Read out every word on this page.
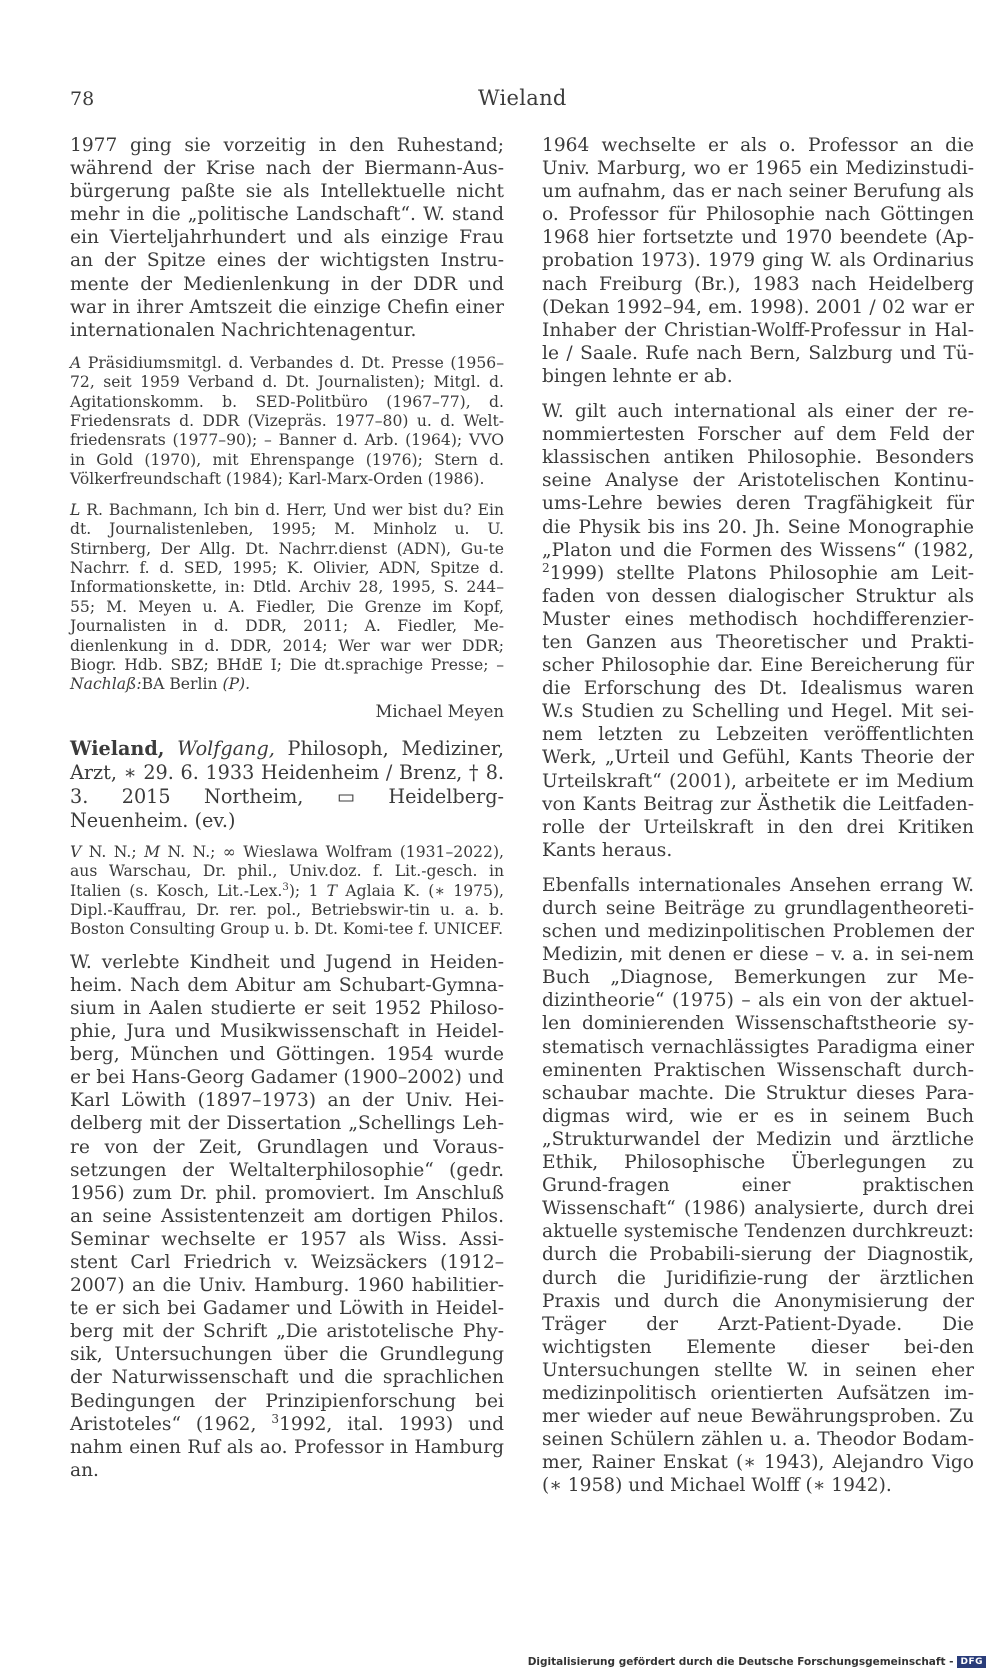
78	Wieland

1977 ging sie vorzeitig in den Ruhestand; während der Krise nach der Biermann-Aus-bürgerung paßte sie als Intellektuelle nicht mehr in die „politische Landschaft“. W. stand ein Vierteljahrhundert und als einzige Frau an der Spitze eines der wichtigsten Instru-mente der Medienlenkung in der DDR und war in ihrer Amtszeit die einzige Chefin einer internationalen Nachrichtenagentur.

A Präsidiumsmitgl. d. Verbandes d. Dt. Presse (1956–72, seit 1959 Verband d. Dt. Journalisten); Mitgl. d. Agitationskomm. b. SED-Politbüro (1967–77), d. Friedensrats d. DDR (Vizepräs. 1977–80) u. d. Welt-friedensrats (1977–90); – Banner d. Arb. (1964); VVO in Gold (1970), mit Ehrenspange (1976); Stern d. Völkerfreundschaft (1984); Karl-Marx-Orden (1986).

L R. Bachmann, Ich bin d. Herr, Und wer bist du? Ein dt. Journalistenleben, 1995; M. Minholz u. U. Stirnberg, Der Allg. Dt. Nachrr.dienst (ADN), Gu-te Nachrr. f. d. SED, 1995; K. Olivier, ADN, Spitze d. Informationskette, in: Dtld. Archiv 28, 1995, S. 244–55; M. Meyen u. A. Fiedler, Die Grenze im Kopf, Journalisten in d. DDR, 2011; A. Fiedler, Me-dienlenkung in d. DDR, 2014; Wer war wer DDR; Biogr. Hdb. SBZ; BHdE I; Die dt.sprachige Presse; – Nachlaß:BA Berlin (P).

Michael Meyen

Wieland, Wolfgang, Philosoph, Mediziner, Arzt, ∗ 29. 6. 1933 Heidenheim / Brenz, † 8. 3. 2015 Northeim, ▭ Heidelberg-Neuenheim. (ev.)

V N. N.; M N. N.; ∞ Wieslawa Wolfram (1931–2022), aus Warschau, Dr. phil., Univ.doz. f. Lit.-gesch. in Italien (s. Kosch, Lit.-Lex.$^3$); 1 T Aglaia K. (∗ 1975), Dipl.-Kauffrau, Dr. rer. pol., Betriebswir-tin u. a. b. Boston Consulting Group u. b. Dt. Komi-tee f. UNICEF.

W. verlebte Kindheit und Jugend in Heiden-heim. Nach dem Abitur am Schubart-Gymna-sium in Aalen studierte er seit 1952 Philoso-phie, Jura und Musikwissenschaft in Heidel-berg, München und Göttingen. 1954 wurde er bei Hans-Georg Gadamer (1900–2002) und Karl Löwith (1897–1973) an der Univ. Hei-delberg mit der Dissertation „Schellings Leh-re von der Zeit, Grundlagen und Voraus-setzungen der Weltalterphilosophie“ (gedr. 1956) zum Dr. phil. promoviert. Im Anschluß an seine Assistentenzeit am dortigen Philos. Seminar wechselte er 1957 als Wiss. Assi-stent Carl Friedrich v. Weizsäckers (1912–2007) an die Univ. Hamburg. 1960 habilitier-te er sich bei Gadamer und Löwith in Heidel-berg mit der Schrift „Die aristotelische Phy-sik, Untersuchungen über die Grundlegung der Naturwissenschaft und die sprachlichen Bedingungen der Prinzipienforschung bei Aristoteles“ (1962, $^3$1992, ital. 1993) und nahm einen Ruf als ao. Professor in Hamburg an.

1964 wechselte er als o. Professor an die Univ. Marburg, wo er 1965 ein Medizinstudi-um aufnahm, das er nach seiner Berufung als o. Professor für Philosophie nach Göttingen 1968 hier fortsetzte und 1970 beendete (Ap-probation 1973). 1979 ging W. als Ordinarius nach Freiburg (Br.), 1983 nach Heidelberg (Dekan 1992–94, em. 1998). 2001 / 02 war er Inhaber der Christian-Wolff-Professur in Hal-le / Saale. Rufe nach Bern, Salzburg und Tü-bingen lehnte er ab.

W. gilt auch international als einer der re-nommiertesten Forscher auf dem Feld der klassischen antiken Philosophie. Besonders seine Analyse der Aristotelischen Kontinu-ums-Lehre bewies deren Tragfähigkeit für die Physik bis ins 20. Jh. Seine Monographie „Platon und die Formen des Wissens“ (1982, $^2$1999) stellte Platons Philosophie am Leit-faden von dessen dialogischer Struktur als Muster eines methodisch hochdifferenzier-ten Ganzen aus Theoretischer und Prakti-scher Philosophie dar. Eine Bereicherung für die Erforschung des Dt. Idealismus waren W.s Studien zu Schelling und Hegel. Mit sei-nem letzten zu Lebzeiten veröffentlichten Werk, „Urteil und Gefühl, Kants Theorie der Urteilskraft“ (2001), arbeitete er im Medium von Kants Beitrag zur Ästhetik die Leitfaden-rolle der Urteilskraft in den drei Kritiken Kants heraus.

Ebenfalls internationales Ansehen errang W. durch seine Beiträge zu grundlagentheoreti-schen und medizinpolitischen Problemen der Medizin, mit denen er diese – v. a. in sei-nem Buch „Diagnose, Bemerkungen zur Me-dizintheorie“ (1975) – als ein von der aktuel-len dominierenden Wissenschaftstheorie sy-stematisch vernachlässigtes Paradigma einer eminenten Praktischen Wissenschaft durch-schaubar machte. Die Struktur dieses Para-digmas wird, wie er es in seinem Buch „Strukturwandel der Medizin und ärztliche Ethik, Philosophische Überlegungen zu Grund-fragen einer praktischen Wissenschaft“ (1986) analysierte, durch drei aktuelle systemische Tendenzen durchkreuzt: durch die Probabili-sierung der Diagnostik, durch die Juridifizie-rung der ärztlichen Praxis und durch die Anonymisierung der Träger der Arzt-Patient-Dyade. Die wichtigsten Elemente dieser bei-den Untersuchungen stellte W. in seinen eher medizinpolitisch orientierten Aufsätzen im-mer wieder auf neue Bewährungsproben. Zu seinen Schülern zählen u. a. Theodor Bodam-mer, Rainer Enskat (∗ 1943), Alejandro Vigo (∗ 1958) und Michael Wolff (∗ 1942).

Digitalisierung gefördert durch die Deutsche Forschungsgemeinschaft - DFG
